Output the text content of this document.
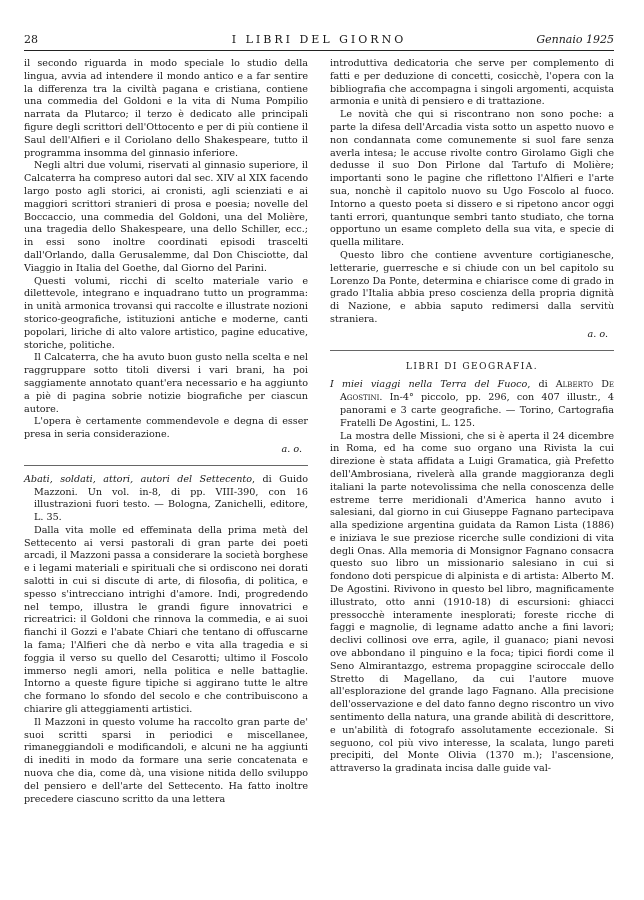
28	I LIBRI DEL GIORNO	Gennaio 1925

il secondo riguarda in modo speciale lo studio della lingua, avvia ad intendere il mondo antico e a far sentire la differenza tra la civiltà pagana e cristiana, contiene una commedia del Goldoni e la vita di Numa Pompilio narrata da Plutarco; il terzo è dedicato alle principali figure degli scrittori dell'Ottocento e per di più contiene il Saul dell'Alfieri e il Coriolano dello Shakespeare, tutto il programma insomma del ginnasio inferiore.

Negli altri due volumi, riservati al ginnasio superiore, il Calcaterra ha compreso autori dal sec. XIV al XIX facendo largo posto agli storici, ai cronisti, agli scienziati e ai maggiori scrittori stranieri di prosa e poesia; novelle del Boccaccio, una commedia del Goldoni, una del Molière, una tragedia dello Shakespeare, una dello Schiller, ecc.; in essi sono inoltre coordinati episodi trascelti dall'Orlando, dalla Gerusalemme, dal Don Chisciotte, dal Viaggio in Italia del Goethe, dal Giorno del Parini.

Questi volumi, ricchi di scelto materiale vario e dilettevole, integrano e inquadrano tutto un programma: in unità armonica trovansi qui raccolte e illustrate nozioni storico-geografiche, istituzioni antiche e moderne, canti popolari, liriche di alto valore artistico, pagine educative, storiche, politiche.

Il Calcaterra, che ha avuto buon gusto nella scelta e nel raggruppare sotto titoli diversi i vari brani, ha poi saggiamente annotato quant'era necessario e ha aggiunto a piè di pagina sobrie notizie biografiche per ciascun autore.

L'opera è certamente commendevole e degna di esser presa in seria considerazione.

a. o.

Abati, soldati, attori, autori del Settecento, di Guido Mazzoni. Un vol. in-8, di pp. VIII-390, con 16 illustrazioni fuori testo. — Bologna, Zanichelli, editore, L. 35.

Dalla vita molle ed effeminata della prima metà del Settecento ai versi pastorali di gran parte dei poeti arcadi, il Mazzoni passa a considerare la società borghese e i legami materiali e spirituali che si ordiscono nei dorati salotti in cui si discute di arte, di filosofia, di politica, e spesso s'intrecciano intrighi d'amore. Indi, progredendo nel tempo, illustra le grandi figure innovatrici e ricreatrici: il Goldoni che rinnova la commedia, e ai suoi fianchi il Gozzi e l'abate Chiari che tentano di offuscarne la fama; l'Alfieri che dà nerbo e vita alla tragedia e si foggia il verso su quello del Cesarotti; ultimo il Foscolo immerso negli amori, nella politica e nelle battaglie. Intorno a queste figure tipiche si aggirano tutte le altre che formano lo sfondo del secolo e che contribuiscono a chiarire gli atteggiamenti artistici.

Il Mazzoni in questo volume ha raccolto gran parte de' suoi scritti sparsi in periodici e miscellanee, rimaneggiandoli e modificandoli, e alcuni ne ha aggiunti di inediti in modo da formare una serie concatenata e nuova che dia, come dà, una visione nitida dello sviluppo del pensiero e dell'arte del Settecento. Ha fatto inoltre precedere ciascuno scritto da una lettera

introduttiva dedicatoria che serve per complemento di fatti e per deduzione di concetti, cosicchè, l'opera con la bibliografia che accompagna i singoli argomenti, acquista armonia e unità di pensiero e di trattazione.

Le novità che qui si riscontrano non sono poche: a parte la difesa dell'Arcadia vista sotto un aspetto nuovo e non condannata come comunemente si suol fare senza averla intesa; le accuse rivolte contro Girolamo Gigli che dedusse il suo Don Pirlone dal Tartufo di Molière; importanti sono le pagine che riflettono l'Alfieri e l'arte sua, nonchè il capitolo nuovo su Ugo Foscolo al fuoco. Intorno a questo poeta si dissero e si ripetono ancor oggi tanti errori, quantunque sembri tanto studiato, che torna opportuno un esame completo della sua vita, e specie di quella militare.

Questo libro che contiene avventure cortigianesche, letterarie, guerresche e si chiude con un bel capitolo su Lorenzo Da Ponte, determina e chiarisce come di grado in grado l'Italia abbia preso coscienza della propria dignità di Nazione, e abbia saputo redimersi dalla servitù straniera.

a. o.
LIBRI DI GEOGRAFIA.

I miei viaggi nella Terra del Fuoco, di Alberto De Agostini. In-4° piccolo, pp. 296, con 407 illustr., 4 panorami e 3 carte geografiche. — Torino, Cartografia Fratelli De Agostini, L. 125.

La mostra delle Missioni, che si è aperta il 24 dicembre in Roma, ed ha come suo organo una Rivista la cui direzione è stata affidata a Luigi Gramatica, già Prefetto dell'Ambrosiana, rivelerà alla grande maggioranza degli italiani la parte notevolissima che nella conoscenza delle estreme terre meridionali d'America hanno avuto i salesiani, dal giorno in cui Giuseppe Fagnano partecipava alla spedizione argentina guidata da Ramon Lista (1886) e iniziava le sue preziose ricerche sulle condizioni di vita degli Onas. Alla memoria di Monsignor Fagnano consacra questo suo libro un missionario salesiano in cui si fondono doti perspicue di alpinista e di artista: Alberto M. De Agostini. Rivivono in questo bel libro, magnificamente illustrato, otto anni (1910-18) di escursioni: ghiacci pressocchè interamente inesplorati; foreste ricche di faggi e magnolie, di legname adatto anche a fini lavori; declivi collinosi ove erra, agile, il guanaco; piani nevosi ove abbondano il pinguino e la foca; tipici fiordi come il Seno Almirantazgo, estrema propaggine sciroccale dello Stretto di Magellano, da cui l'autore muove all'esplorazione del grande lago Fagnano. Alla precisione dell'osservazione e del dato fanno degno riscontro un vivo sentimento della natura, una grande abilità di descrittore, e un'abilità di fotografo assolutamente eccezionale. Si seguono, col più vivo interesse, la scalata, lungo pareti precipiti, del Monte Olivia (1370 m.); l'ascensione, attraverso la gradinata incisa dalle guide val-
